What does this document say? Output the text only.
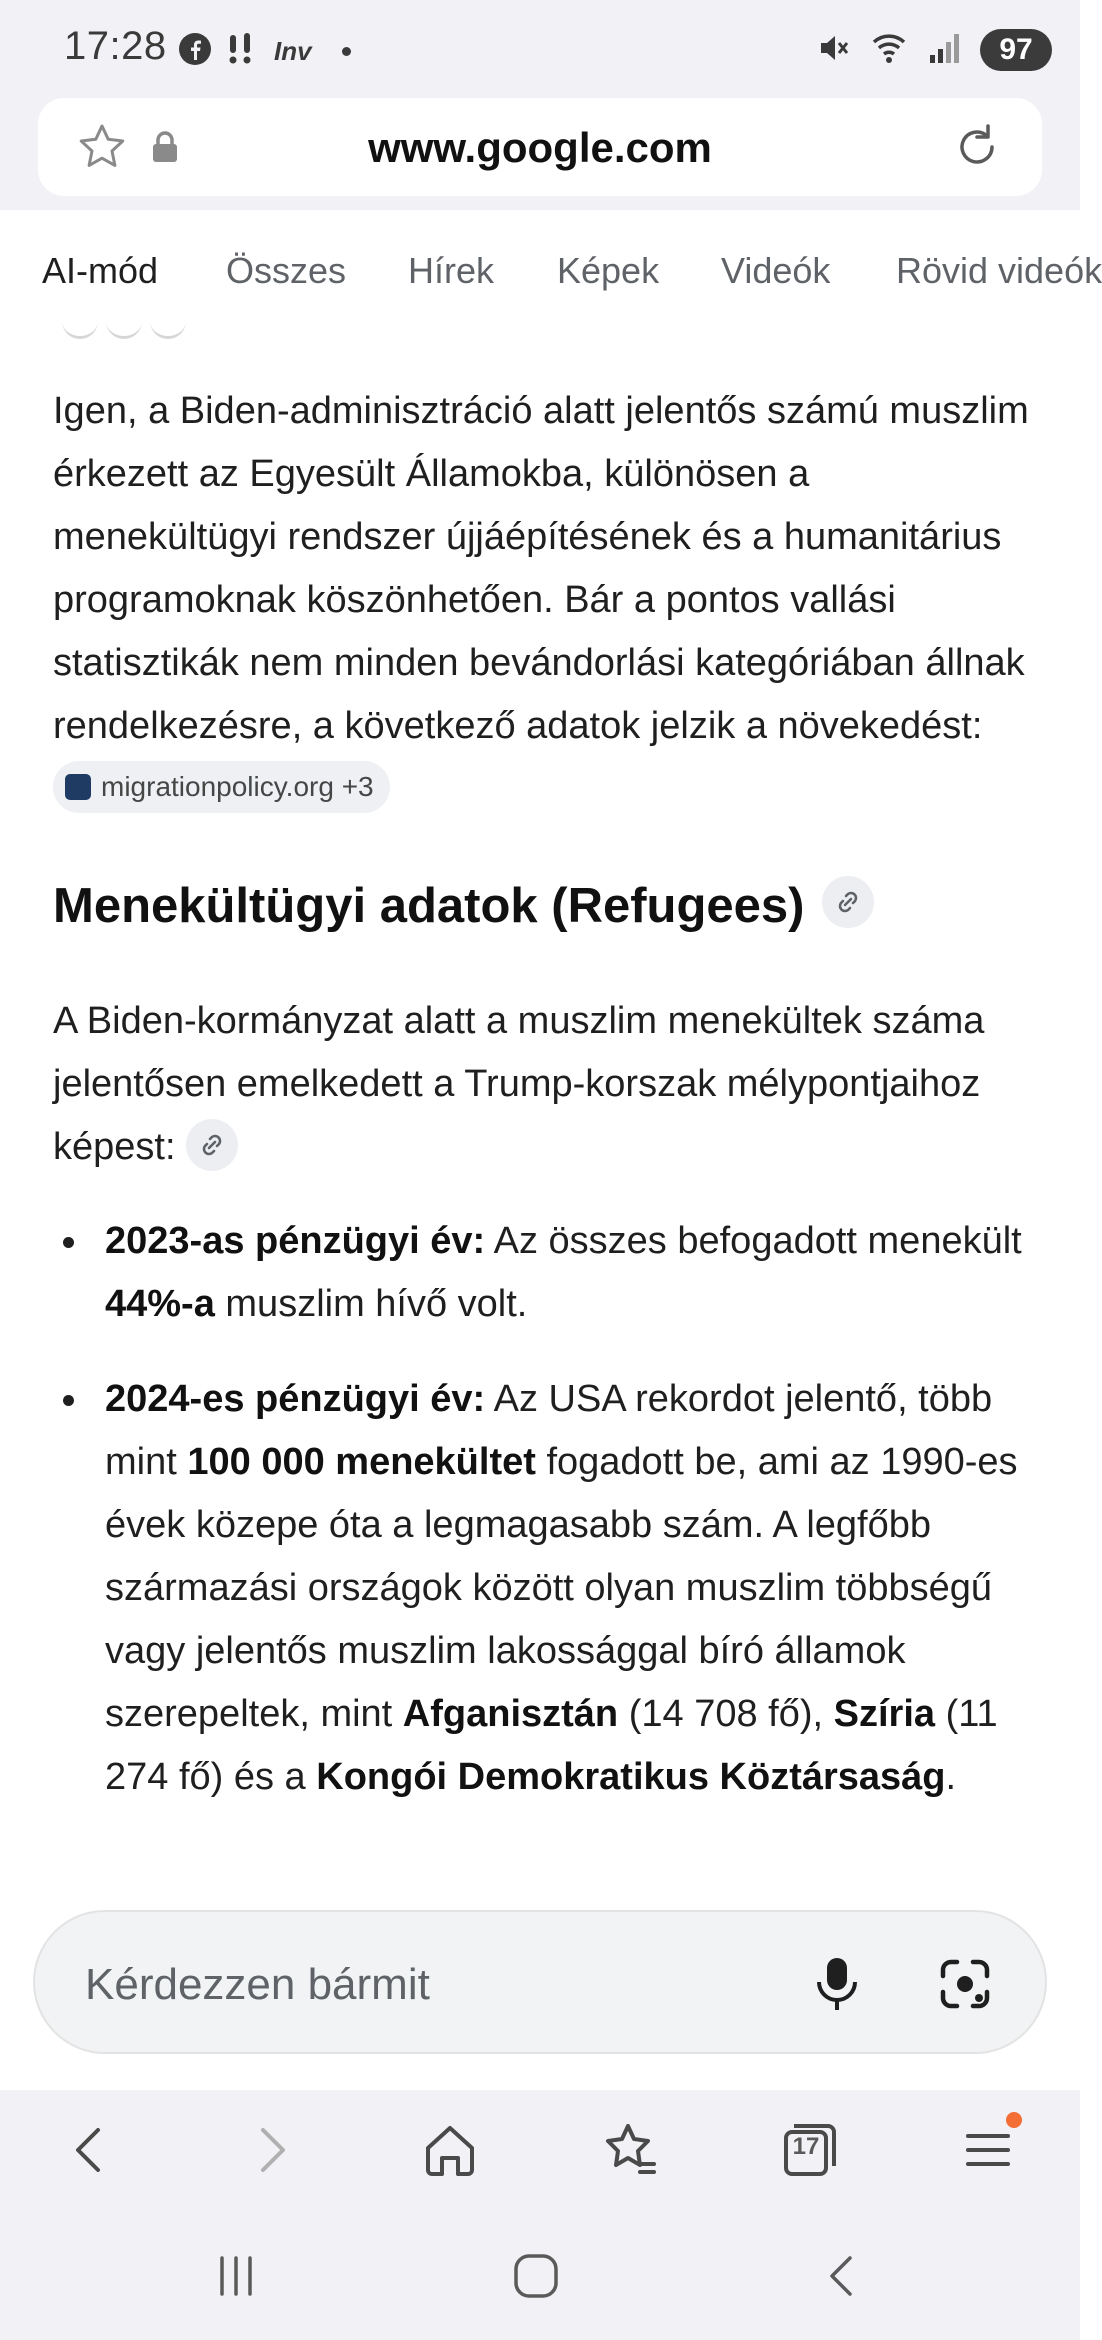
17:28	Inv	97
www.google.com
AI-mód Összes Hírek Képek Videók Rövid videók
Igen, a Biden-adminisztráció alatt jelentős számú muszlim érkezett az Egyesült Államokba, különösen a menekültügyi rendszer újjáépítésének és a humanitárius programoknak köszönhetően. Bár a pontos vallási statisztikák nem minden bevándorlási kategóriában állnak rendelkezésre, a következő adatok jelzik a növekedést:
migrationpolicy.org +3
Menekültügyi adatok (Refugees)
A Biden-kormányzat alatt a muszlim menekültek száma jelentősen emelkedett a Trump-korszak mélypontjaihoz képest:
2023-as pénzügyi év: Az összes befogadott menekült 44%-a muszlim hívő volt.
2024-es pénzügyi év: Az USA rekordot jelentő, több mint 100 000 menekültet fogadott be, ami az 1990-es évek közepe óta a legmagasabb szám. A legfőbb származási országok között olyan muszlim többségű vagy jelentős muszlim lakossággal bíró államok szerepeltek, mint Afganisztán (14 708 fő), Szíria (11 274 fő) és a Kongói Demokratikus Köztársaság.
Kérdezzen bármit
17
